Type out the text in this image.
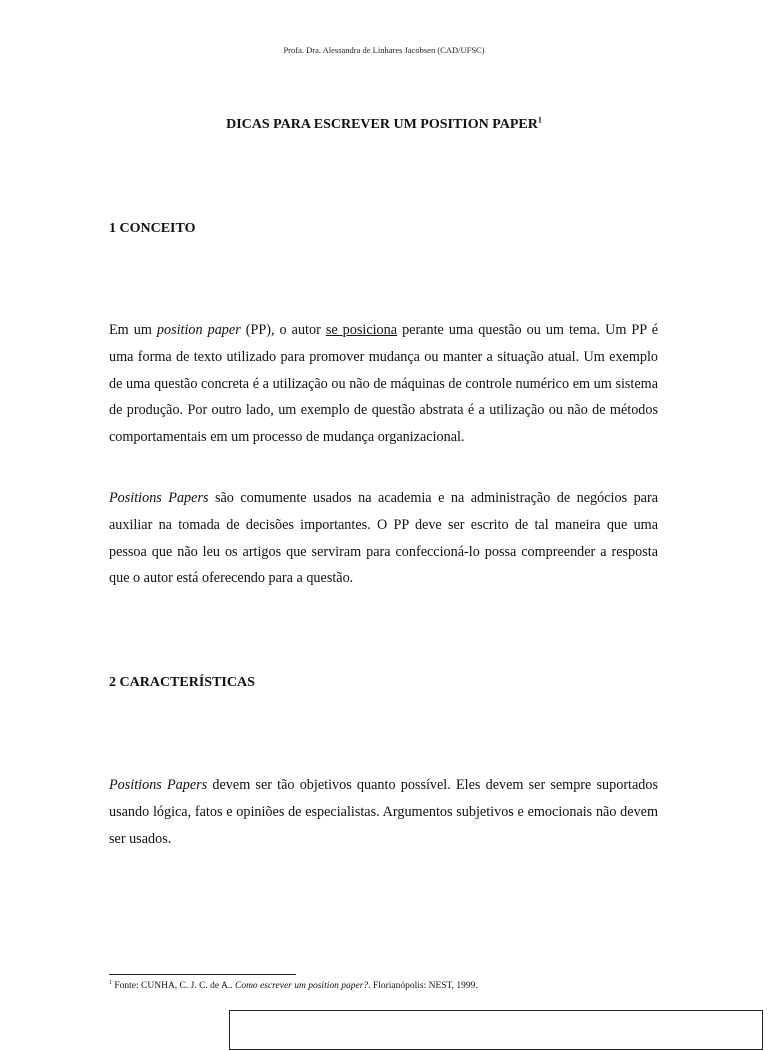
Profa. Dra. Alessandra de Linhares Jacobsen (CAD/UFSC)
DICAS PARA ESCREVER UM POSITION PAPER$^1$
1 CONCEITO

Em um position paper (PP), o autor se posiciona perante uma questão ou um tema. Um PP é uma forma de texto utilizado para promover mudança ou manter a situação atual. Um exemplo de uma questão concreta é a utilização ou não de máquinas de controle numérico em um sistema de produção. Por outro lado, um exemplo de questão abstrata é a utilização ou não de métodos comportamentais em um processo de mudança organizacional.

Positions Papers são comumente usados na academia e na administração de negócios para auxiliar na tomada de decisões importantes. O PP deve ser escrito de tal maneira que uma pessoa que não leu os artigos que serviram para confeccioná-lo possa compreender a resposta que o autor está oferecendo para a questão.

2 CARACTERÍSTICAS

Positions Papers devem ser tão objetivos quanto possível. Eles devem ser sempre suportados usando lógica, fatos e opiniões de especialistas. Argumentos subjetivos e emocionais não devem ser usados.

$^1$ Fonte: CUNHA, C. J. C. de A.. Como escrever um position paper?. Florianópolis: NEST, 1999.
